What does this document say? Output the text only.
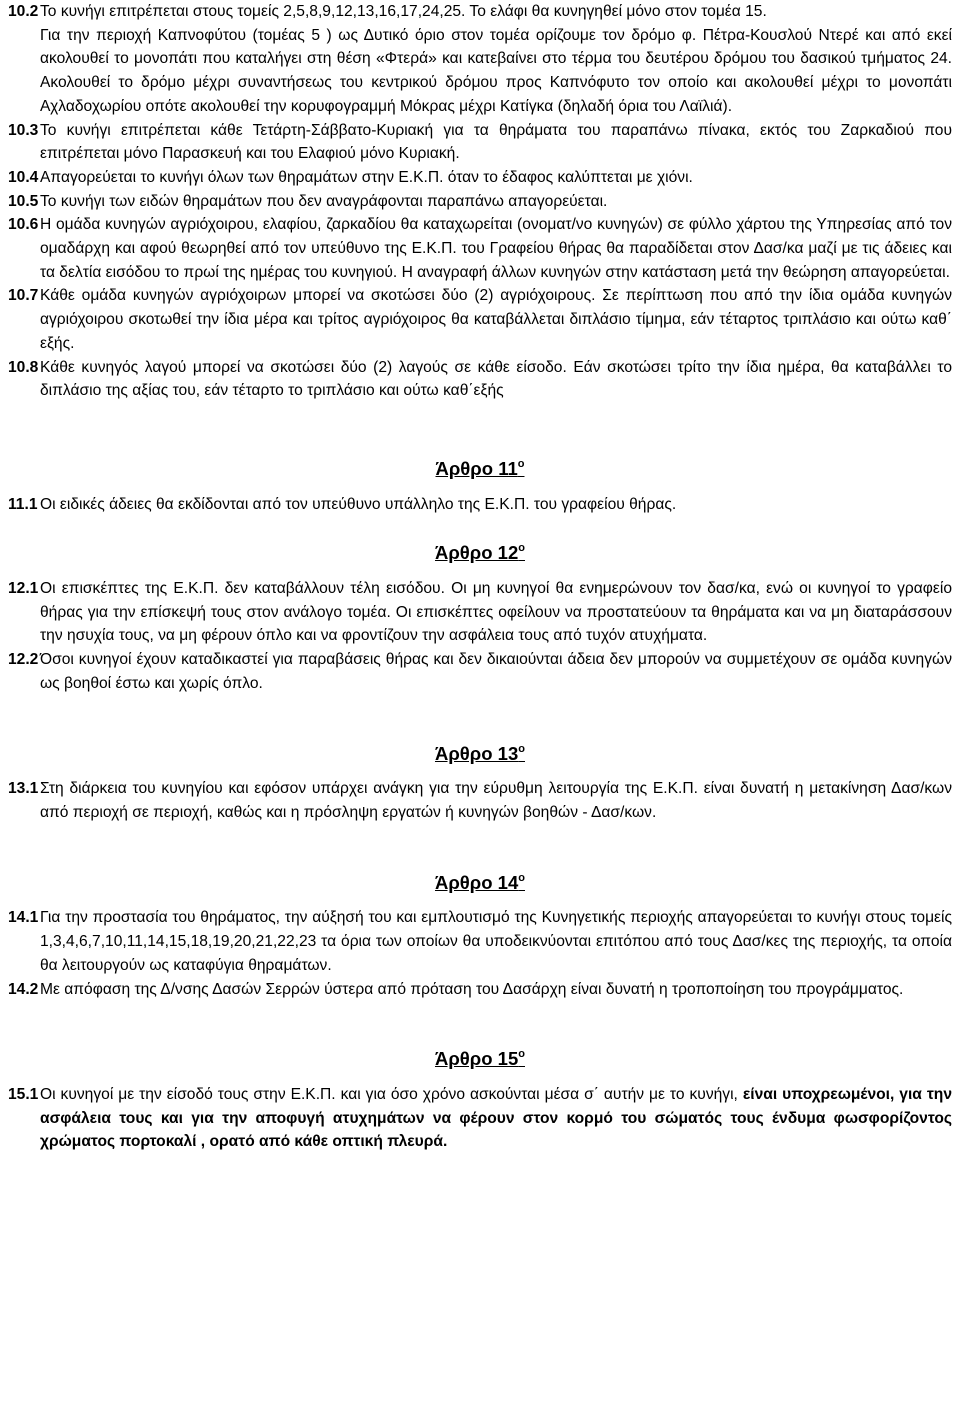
10.2 Το κυνήγι επιτρέπεται στους τομείς 2,5,8,9,12,13,16,17,24,25. Το ελάφι θα κυνηγηθεί μόνο στον τομέα 15.
Για την περιοχή Καπνοφύτου (τομέας 5 ) ως Δυτικό όριο στον τομέα ορίζουμε τον δρόμο φ. Πέτρα-Κουσλού Ντερέ και από εκεί ακολουθεί το μονοπάτι που καταλήγει στη θέση «Φτερά» και κατεβαίνει στο τέρμα του δευτέρου δρόμου του δασικού τμήματος 24. Ακολουθεί το δρόμο μέχρι συναντήσεως του κεντρικού δρόμου προς Καπνόφυτο τον οποίο και ακολουθεί μέχρι το μονοπάτι Αχλαδοχωρίου οπότε ακολουθεί την κορυφογραμμή Μόκρας μέχρι Κατίγκα (δηλαδή όρια του Λαϊλιά).
10.3 Το κυνήγι επιτρέπεται κάθε Τετάρτη-Σάββατο-Κυριακή για τα θηράματα του παραπάνω πίνακα, εκτός του Ζαρκαδιού που επιτρέπεται μόνο Παρασκευή και του Ελαφιού μόνο Κυριακή.
10.4 Απαγορεύεται το κυνήγι όλων των θηραμάτων στην Ε.Κ.Π. όταν το έδαφος καλύπτεται με χιόνι.
10.5 Το κυνήγι των ειδών θηραμάτων που δεν αναγράφονται παραπάνω απαγορεύεται.
10.6 Η ομάδα κυνηγών αγριόχοιρου, ελαφίου, ζαρκαδίου θα καταχωρείται (ονοματ/νο κυνηγών) σε φύλλο χάρτου της Υπηρεσίας από τον ομαδάρχη και αφού θεωρηθεί από τον υπεύθυνο της Ε.Κ.Π. του Γραφείου θήρας θα παραδίδεται στον Δασ/κα μαζί με τις άδειες και τα δελτία εισόδου το πρωί της ημέρας του κυνηγιού. Η αναγραφή άλλων κυνηγών στην κατάσταση μετά την θεώρηση απαγορεύεται.
10.7 Κάθε ομάδα κυνηγών αγριόχοιρων μπορεί να σκοτώσει δύο (2) αγριόχοιρους. Σε περίπτωση που από την ίδια ομάδα κυνηγών αγριόχοιρου σκοτωθεί την ίδια μέρα και τρίτος αγριόχοιρος θα καταβάλλεται διπλάσιο τίμημα, εάν τέταρτος τριπλάσιο και ούτω καθ΄ εξής.
10.8 Κάθε κυνηγός λαγού μπορεί να σκοτώσει δύο (2) λαγούς σε κάθε είσοδο. Εάν σκοτώσει τρίτο την ίδια ημέρα, θα καταβάλλει το διπλάσιο της αξίας του, εάν τέταρτο το τριπλάσιο και ούτω καθ΄εξής
Άρθρο $11^o$
11.1 Οι ειδικές άδειες θα εκδίδονται από τον υπεύθυνο υπάλληλο της Ε.Κ.Π. του γραφείου θήρας.
Άρθρο $12^o$
12.1 Οι επισκέπτες της Ε.Κ.Π. δεν καταβάλλουν τέλη εισόδου. Οι μη κυνηγοί θα ενημερώνουν τον δασ/κα, ενώ οι κυνηγοί το γραφείο θήρας για την επίσκεψή τους στον ανάλογο τομέα. Οι επισκέπτες οφείλουν να προστατεύουν τα θηράματα και να μη διαταράσσουν την ησυχία τους, να μη φέρουν όπλο και να φροντίζουν την ασφάλεια τους από τυχόν ατυχήματα.
12.2 Όσοι κυνηγοί έχουν καταδικαστεί για παραβάσεις θήρας και δεν δικαιούνται άδεια δεν μπορούν να συμμετέχουν σε ομάδα κυνηγών ως βοηθοί έστω και χωρίς όπλο.
Άρθρο $13^o$
13.1 Στη διάρκεια του κυνηγίου και εφόσον υπάρχει ανάγκη για την εύρυθμη λειτουργία της Ε.Κ.Π. είναι δυνατή η μετακίνηση Δασ/κων από περιοχή σε περιοχή, καθώς και η πρόσληψη εργατών ή κυνηγών βοηθών - Δασ/κων.
Άρθρο $14^o$
14.1 Για την προστασία του θηράματος, την αύξησή του και εμπλουτισμό της Κυνηγετικής περιοχής απαγορεύεται το κυνήγι στους τομείς 1,3,4,6,7,10,11,14,15,18,19,20,21,22,23 τα όρια των οποίων θα υποδεικνύονται επιτόπου από τους Δασ/κες της περιοχής, τα οποία θα λειτουργούν ως καταφύγια θηραμάτων.
14.2 Με απόφαση της Δ/νσης Δασών Σερρών ύστερα από πρόταση του Δασάρχη είναι δυνατή η τροποποίηση του προγράμματος.
Άρθρο $15^o$
15.1 Οι κυνηγοί με την είσοδό τους στην Ε.Κ.Π. και για όσο χρόνο ασκούνται μέσα σ΄ αυτήν με το κυνήγι, είναι υποχρεωμένοι, για την ασφάλεια τους και για την αποφυγή ατυχημάτων να φέρουν στον κορμό του σώματός τους ένδυμα φωσφορίζοντος χρώματος πορτοκαλί , ορατό από κάθε οπτική πλευρά.
